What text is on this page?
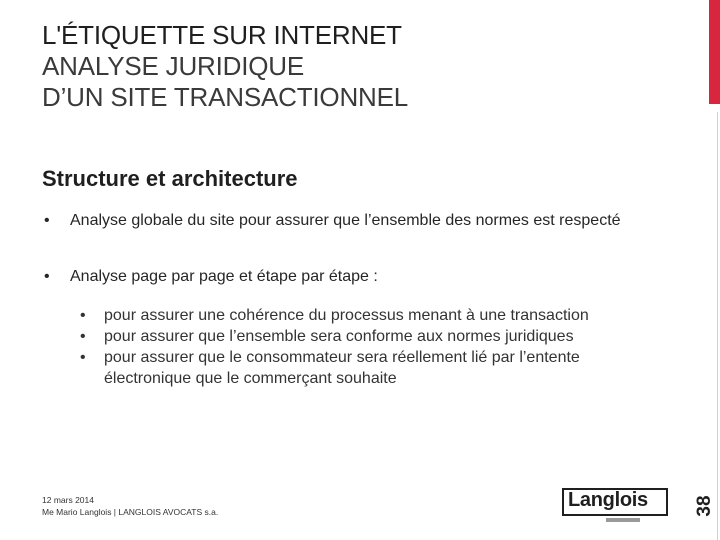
L'ÉTIQUETTE SUR INTERNET
ANALYSE JURIDIQUE
D’UN SITE TRANSACTIONNEL
Structure et architecture
•	Analyse globale du site pour assurer que l’ensemble des normes est respecté
•	Analyse page par page et étape par étape :
•	pour assurer une cohérence du processus menant à une transaction
•	pour assurer que l’ensemble sera conforme aux normes juridiques
•	pour assurer que le consommateur sera réellement lié par l’entente électronique que le commerçant souhaite
12 mars 2014
Me Mario Langlois | LANGLOIS AVOCATS s.a.
Langlois 38
